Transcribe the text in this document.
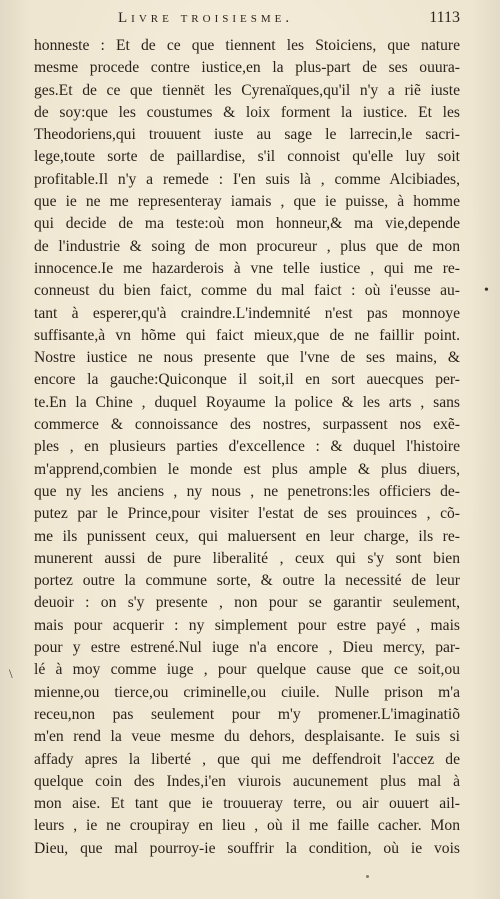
Livre troisiesme.	1113
honneste : Et de ce que tiennent les Stoiciens, que nature
mesme procede contre iustice,en la plus-part de ses ouura-
ges.Et de ce que tiennët les Cyrenaïques,qu'il n'y a riẽ iuste
de soy:que les coustumes & loix forment la iustice. Et les
Theodoriens,qui trouuent iuste au sage le larrecin,le sacri-
lege,toute sorte de paillardise, s'il connoist qu'elle luy soit
profitable.Il n'y a remede : I'en suis là , comme Alcibiades,
que ie ne me representeray iamais , que ie puisse, à homme
qui decide de ma teste:où mon honneur,& ma vie,depende
de l'industrie & soing de mon procureur , plus que de mon
innocence.Ie me hazarderois à vne telle iustice , qui me re-
conneust du bien faict, comme du mal faict : où i'eusse au-
tant à esperer,qu'à craindre.L'indemnité n'est pas monnoye
suffisante,à vn hõme qui faict mieux,que de ne faillir point.
Nostre iustice ne nous presente que l'vne de ses mains, &
encore la gauche:Quiconque il soit,il en sort auecques per-
te.En la Chine , duquel Royaume la police & les arts , sans
commerce & connoissance des nostres, surpassent nos exẽ-
ples , en plusieurs parties d'excellence : & duquel l'histoire
m'apprend,combien le monde est plus ample & plus diuers,
que ny les anciens , ny nous , ne penetrons:les officiers de-
putez par le Prince,pour visiter l'estat de ses prouinces , cõ-
me ils punissent ceux, qui maluersent en leur charge, ils re-
munerent aussi de pure liberalité , ceux qui s'y sont bien
portez outre la commune sorte, & outre la necessité de leur
deuoir : on s'y presente , non pour se garantir seulement,
mais pour acquerir : ny simplement pour estre payé , mais
pour y estre estrené.Nul iuge n'a encore , Dieu mercy, par-
lé à moy comme iuge , pour quelque cause que ce soit,ou
mienne,ou tierce,ou criminelle,ou ciuile. Nulle prison m'a
receu,non pas seulement pour m'y promener.L'imaginatiõ
m'en rend la veue mesme du dehors, desplaisante. Ie suis si
affady apres la liberté , que qui me deffendroit l'accez de
quelque coin des Indes,i'en viurois aucunement plus mal à
mon aise. Et tant que ie trouueray terre, ou air ouuert ail-
leurs , ie ne croupiray en lieu , où il me faille cacher. Mon
Dieu, que mal pourroy-ie souffrir la condition, où ie vois
•
\
